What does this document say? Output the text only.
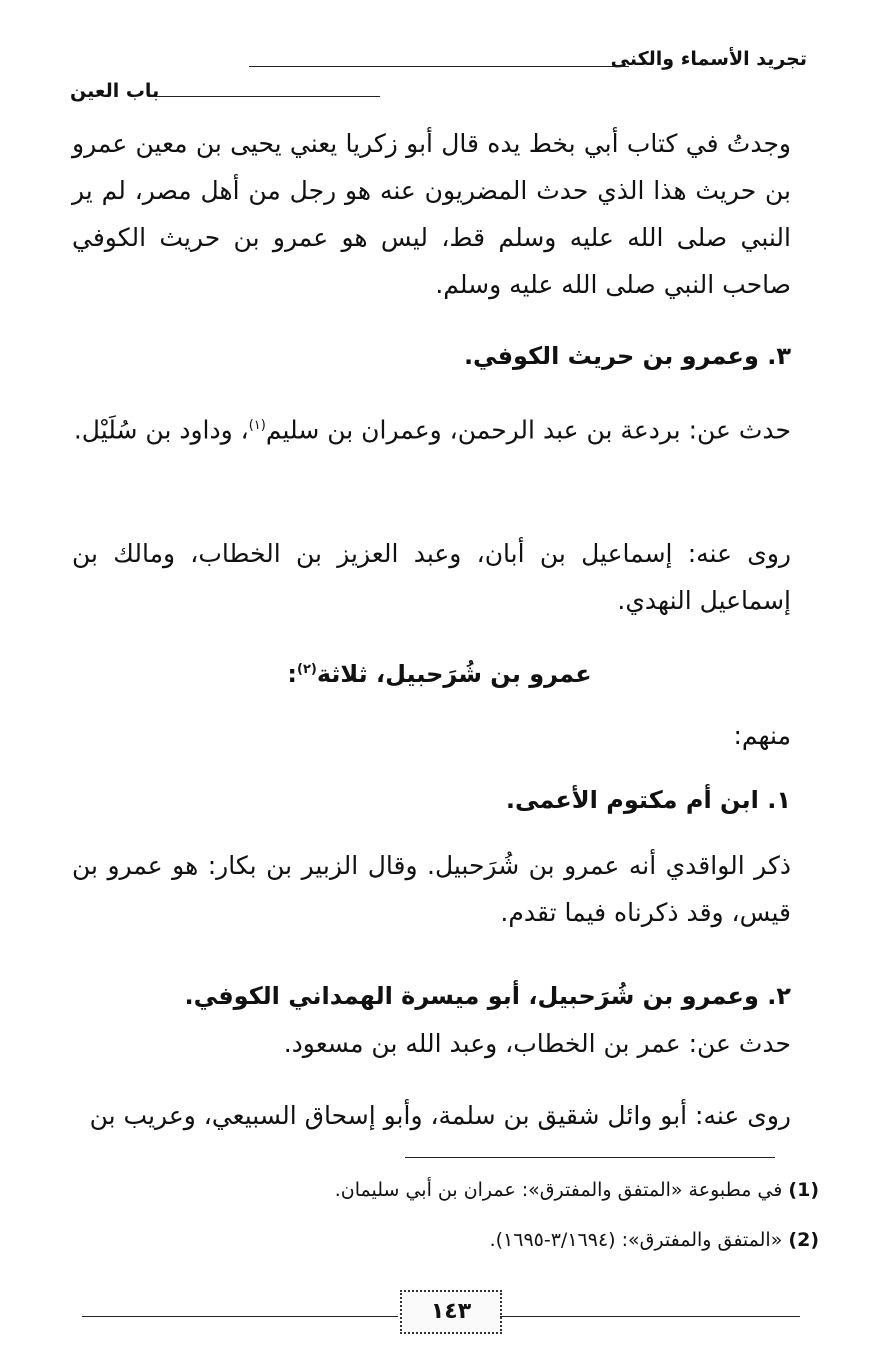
تجريد الأسماء والكنى
باب العين

وجدتُ في كتاب أبي بخط يده قال أبو زكريا يعني يحيى بن معين عمرو بن حريث هذا الذي حدث المضريون عنه هو رجل من أهل مصر، لم ير النبي صلى الله عليه وسلم قط، ليس هو عمرو بن حريث الكوفي صاحب النبي صلى الله عليه وسلم.

٣. وعمرو بن حريث الكوفي.

حدث عن: بردعة بن عبد الرحمن، وعمران بن سليم$^{(١)}$، وداود بن سُلَيْل.

روى عنه: إسماعيل بن أبان، وعبد العزيز بن الخطاب، ومالك بن إسماعيل النهدي.

عمرو بن شُرَحبيل، ثلاثة$^{(٢)}$:

منهم:

١. ابن أم مكتوم الأعمى.

ذكر الواقدي أنه عمرو بن شُرَحبيل. وقال الزبير بن بكار: هو عمرو بن قيس، وقد ذكرناه فيما تقدم.

٢. وعمرو بن شُرَحبيل، أبو ميسرة الهمداني الكوفي.

حدث عن: عمر بن الخطاب، وعبد الله بن مسعود.

روى عنه: أبو وائل شقيق بن سلمة، وأبو إسحاق السبيعي، وعريب بن

(1) في مطبوعة «المتفق والمفترق»: عمران بن أبي سليمان.
(2) «المتفق والمفترق»: (٣/١٦٩٤-١٦٩٥).
١٤٣
